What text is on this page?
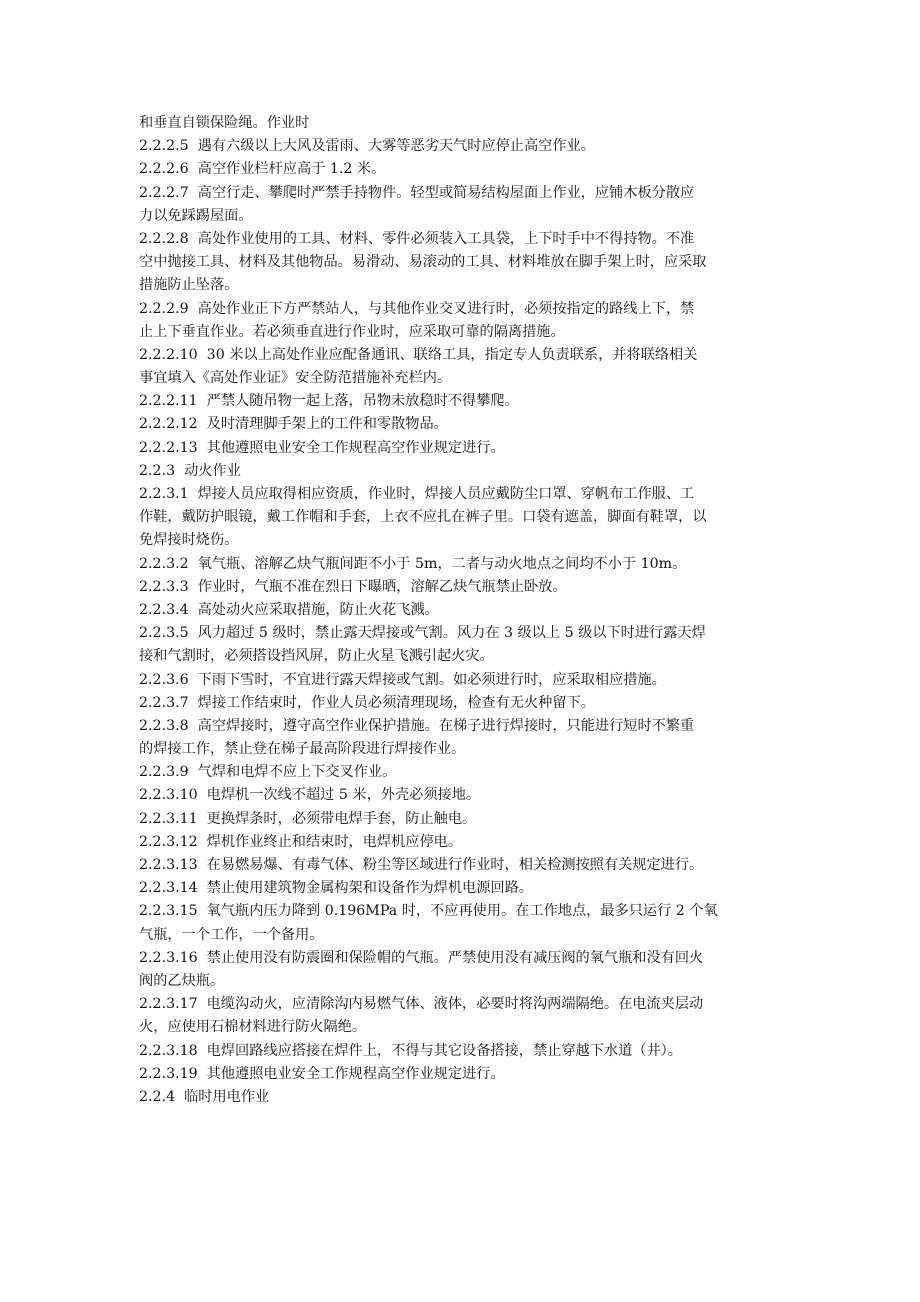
和垂直自锁保险绳。作业时
2.2.2.5  遇有六级以上大风及雷雨、大雾等恶劣天气时应停止高空作业。
2.2.2.6  高空作业栏杆应高于 1.2 米。
2.2.2.7  高空行走、攀爬时严禁手持物件。轻型或简易结构屋面上作业，应铺木板分散应
力以免踩踢屋面。
2.2.2.8  高处作业使用的工具、材料、零件必须装入工具袋，上下时手中不得持物。不准
空中抛接工具、材料及其他物品。易滑动、易滚动的工具、材料堆放在脚手架上时，应采取
措施防止坠落。
2.2.2.9  高处作业正下方严禁站人，与其他作业交叉进行时，必须按指定的路线上下，禁
止上下垂直作业。若必须垂直进行作业时，应采取可靠的隔离措施。
2.2.2.10  30 米以上高处作业应配备通讯、联络工具，指定专人负责联系，并将联络相关
事宜填入《高处作业证》安全防范措施补充栏内。
2.2.2.11  严禁人随吊物一起上落，吊物未放稳时不得攀爬。
2.2.2.12  及时清理脚手架上的工件和零散物品。
2.2.2.13  其他遵照电业安全工作规程高空作业规定进行。
2.2.3  动火作业
2.2.3.1  焊接人员应取得相应资质，作业时，焊接人员应戴防尘口罩、穿帆布工作服、工
作鞋，戴防护眼镜，戴工作帽和手套，上衣不应扎在裤子里。口袋有遮盖，脚面有鞋罩，以
免焊接时烧伤。
2.2.3.2  氧气瓶、溶解乙炔气瓶间距不小于 5m，二者与动火地点之间均不小于 10m。
2.2.3.3  作业时，气瓶不准在烈日下曝晒，溶解乙炔气瓶禁止卧放。
2.2.3.4  高处动火应采取措施，防止火花飞溅。
2.2.3.5  风力超过 5 级时，禁止露天焊接或气割。风力在 3 级以上 5 级以下时进行露天焊
接和气割时，必须搭设挡风屏，防止火星飞溅引起火灾。
2.2.3.6  下雨下雪时，不宜进行露天焊接或气割。如必须进行时，应采取相应措施。
2.2.3.7  焊接工作结束时，作业人员必须清理现场，检查有无火种留下。
2.2.3.8  高空焊接时，遵守高空作业保护措施。在梯子进行焊接时，只能进行短时不繁重
的焊接工作，禁止登在梯子最高阶段进行焊接作业。
2.2.3.9  气焊和电焊不应上下交叉作业。
2.2.3.10  电焊机一次线不超过 5 米，外壳必须接地。
2.2.3.11  更换焊条时，必须带电焊手套，防止触电。
2.2.3.12  焊机作业终止和结束时，电焊机应停电。
2.2.3.13  在易燃易爆、有毒气体、粉尘等区域进行作业时，相关检测按照有关规定进行。
2.2.3.14  禁止使用建筑物金属构架和设备作为焊机电源回路。
2.2.3.15  氧气瓶内压力降到 0.196MPa 时，不应再使用。在工作地点，最多只运行 2 个氧
气瓶，一个工作，一个备用。
2.2.3.16  禁止使用没有防震圈和保险帽的气瓶。严禁使用没有减压阀的氧气瓶和没有回火
阀的乙炔瓶。
2.2.3.17  电缆沟动火，应清除沟内易燃气体、液体，必要时将沟两端隔绝。在电流夹层动
火，应使用石棉材料进行防火隔绝。
2.2.3.18  电焊回路线应搭接在焊件上，不得与其它设备搭接，禁止穿越下水道（井）。
2.2.3.19  其他遵照电业安全工作规程高空作业规定进行。
2.2.4  临时用电作业
